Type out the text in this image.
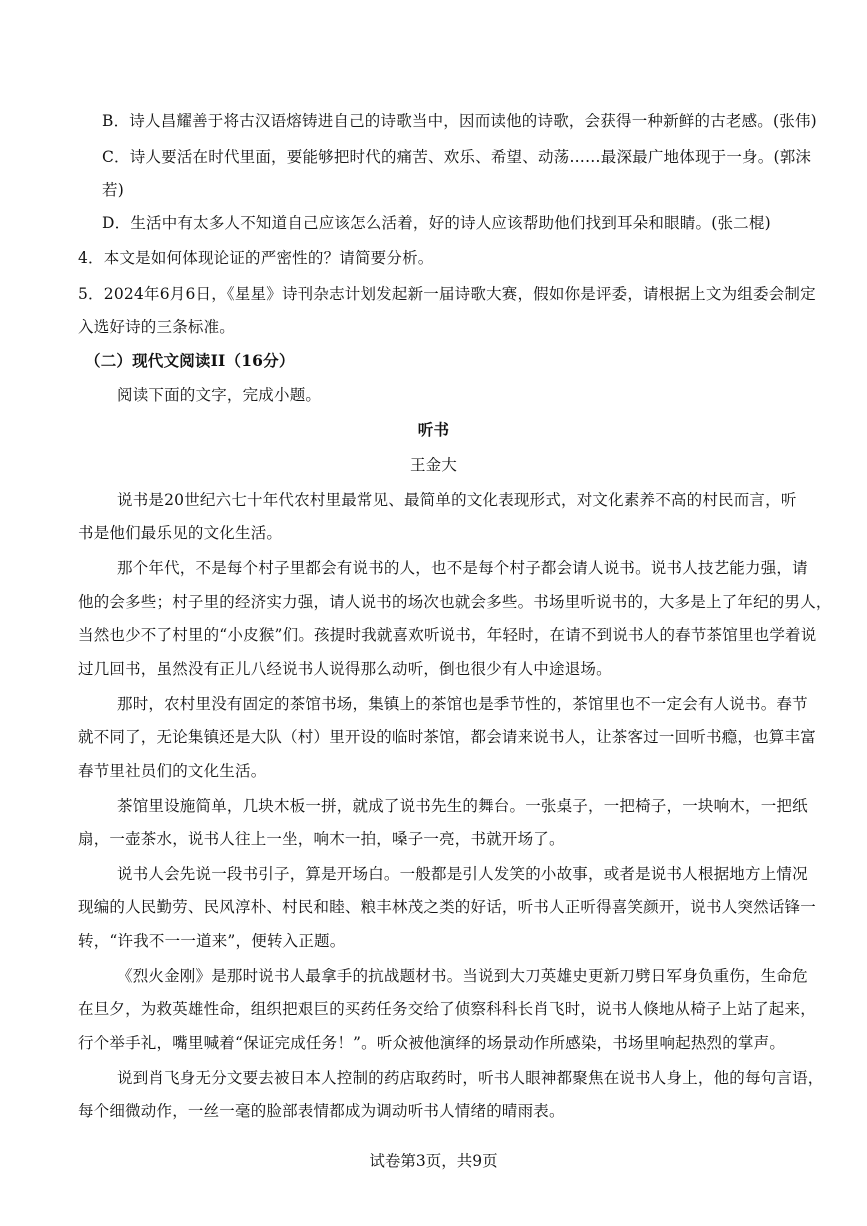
B．诗人昌耀善于将古汉语熔铸进自己的诗歌当中，因而读他的诗歌，会获得一种新鲜的古老感。(张伟)
C．诗人要活在时代里面，要能够把时代的痛苦、欢乐、希望、动荡……最深最广地体现于一身。(郭沫
若)
D．生活中有太多人不知道自己应该怎么活着，好的诗人应该帮助他们找到耳朵和眼睛。(张二棍)
4．本文是如何体现论证的严密性的？请简要分析。
5．2024年6月6日，《星星》诗刊杂志计划发起新一届诗歌大赛，假如你是评委，请根据上文为组委会制定
入选好诗的三条标准。
（二）现代文阅读II（16分）
阅读下面的文字，完成小题。
听书
王金大
说书是20世纪六七十年代农村里最常见、最简单的文化表现形式，对文化素养不高的村民而言，听
书是他们最乐见的文化生活。
那个年代，不是每个村子里都会有说书的人，也不是每个村子都会请人说书。说书人技艺能力强，请
他的会多些；村子里的经济实力强，请人说书的场次也就会多些。书场里听说书的，大多是上了年纪的男人，
当然也少不了村里的“小皮猴”们。孩提时我就喜欢听说书，年轻时，在请不到说书人的春节茶馆里也学着说
过几回书，虽然没有正儿八经说书人说得那么动听，倒也很少有人中途退场。
那时，农村里没有固定的茶馆书场，集镇上的茶馆也是季节性的，茶馆里也不一定会有人说书。春节
就不同了，无论集镇还是大队（村）里开设的临时茶馆，都会请来说书人，让茶客过一回听书瘾，也算丰富
春节里社员们的文化生活。
茶馆里设施简单，几块木板一拼，就成了说书先生的舞台。一张桌子，一把椅子，一块响木，一把纸
扇，一壶茶水，说书人往上一坐，响木一拍，嗓子一亮，书就开场了。
说书人会先说一段书引子，算是开场白。一般都是引人发笑的小故事，或者是说书人根据地方上情况
现编的人民勤劳、民风淳朴、村民和睦、粮丰林茂之类的好话，听书人正听得喜笑颜开，说书人突然话锋一
转，“许我不一一道来”，便转入正题。
《烈火金刚》是那时说书人最拿手的抗战题材书。当说到大刀英雄史更新刀劈日军身负重伤，生命危
在旦夕，为救英雄性命，组织把艰巨的买药任务交给了侦察科科长肖飞时，说书人倏地从椅子上站了起来，
行个举手礼，嘴里喊着“保证完成任务！”。听众被他演绎的场景动作所感染，书场里响起热烈的掌声。
说到肖飞身无分文要去被日本人控制的药店取药时，听书人眼神都聚焦在说书人身上，他的每句言语，
每个细微动作，一丝一毫的脸部表情都成为调动听书人情绪的晴雨表。
试卷第3页，共9页
